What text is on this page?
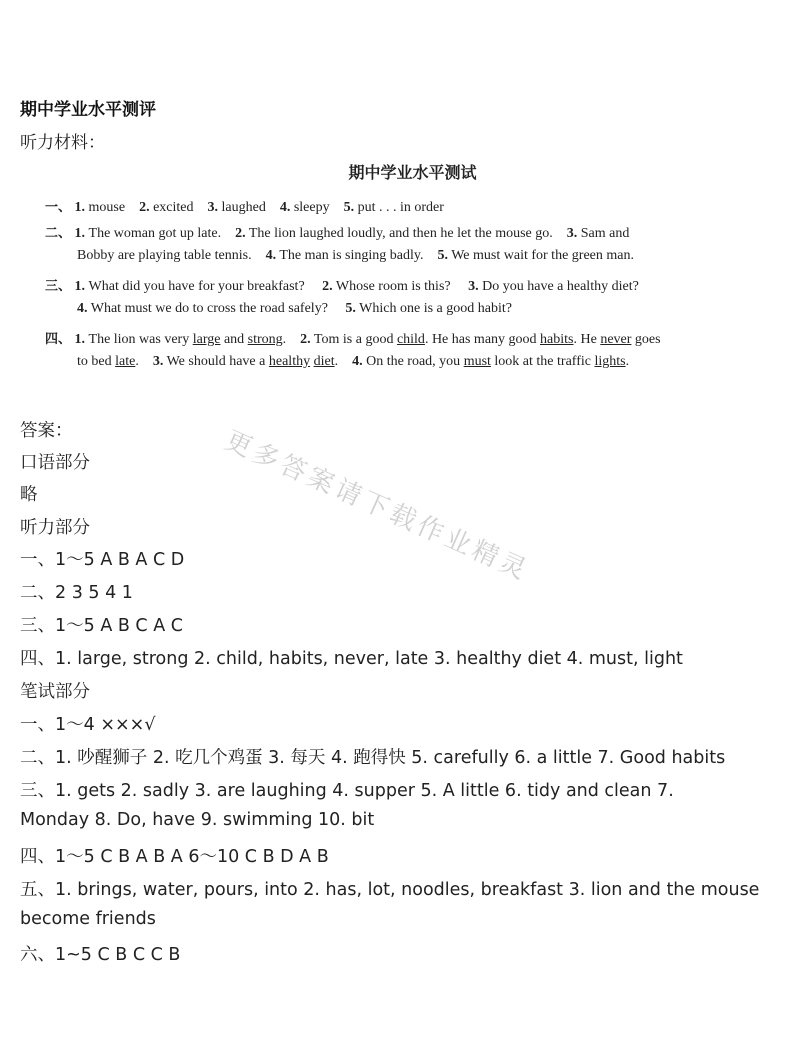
期中学业水平测评
听力材料：
期中学业水平测试
一、 1. mouse 2. excited 3. laughed 4. sleepy 5. put . . . in order
二、 1. The woman got up late. 2. The lion laughed loudly, and then he let the mouse go. 3. Sam and
Bobby are playing table tennis. 4. The man is singing badly. 5. We must wait for the green man.
三、 1. What did you have for your breakfast? 2. Whose room is this? 3. Do you have a healthy diet?
4. What must we do to cross the road safely? 5. Which one is a good habit?
四、 1. The lion was very large and strong. 2. Tom is a good child. He has many good habits. He never goes
to bed late. 3. We should have a healthy diet. 4. On the road, you must look at the traffic lights.
答案：
口语部分
略
听力部分
一、1～5 A B A C D
二、2 3 5 4 1
三、1～5 A B C A C
四、1. large, strong 2. child, habits, never, late 3. healthy diet 4. must, light
笔试部分
一、1～4 ×××√
二、1. 吵醒狮子 2. 吃几个鸡蛋 3. 每天 4. 跑得快 5. carefully 6. a little 7. Good habits
三、1. gets 2. sadly 3. are laughing 4. supper 5. A little 6. tidy and clean 7.
Monday 8. Do, have 9. swimming 10. bit
四、1～5 C B A B A 6～10 C B D A B
五、1. brings, water, pours, into 2. has, lot, noodles, breakfast 3. lion and the mouse
become friends
六、1~5 C B C C B
更多答案请下载作业精灵
